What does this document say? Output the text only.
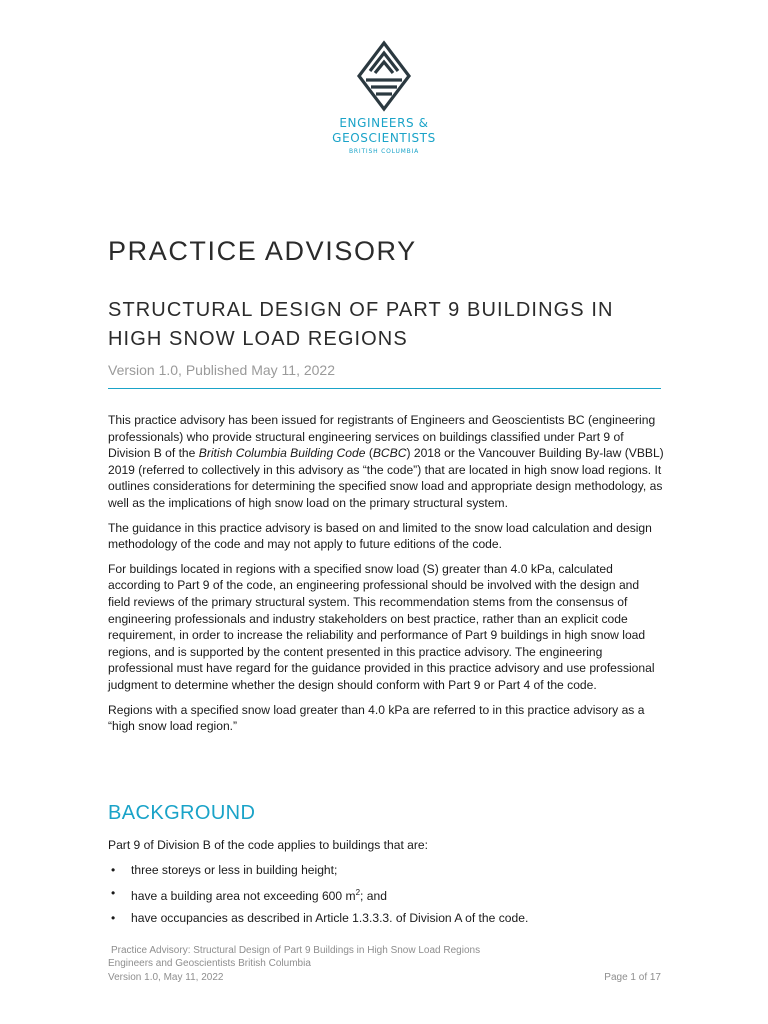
ENGINEERS &
GEOSCIENTISTS
BRITISH COLUMBIA
PRACTICE ADVISORY
STRUCTURAL DESIGN OF PART 9 BUILDINGS IN HIGH SNOW LOAD REGIONS
Version 1.0, Published May 11, 2022

This practice advisory has been issued for registrants of Engineers and Geoscientists BC (engineering professionals) who provide structural engineering services on buildings classified under Part 9 of Division B of the British Columbia Building Code (BCBC) 2018 or the Vancouver Building By-law (VBBL) 2019 (referred to collectively in this advisory as “the code”) that are located in high snow load regions. It outlines considerations for determining the specified snow load and appropriate design methodology, as well as the implications of high snow load on the primary structural system.

The guidance in this practice advisory is based on and limited to the snow load calculation and design methodology of the code and may not apply to future editions of the code.

For buildings located in regions with a specified snow load (S) greater than 4.0 kPa, calculated according to Part 9 of the code, an engineering professional should be involved with the design and field reviews of the primary structural system. This recommendation stems from the consensus of engineering professionals and industry stakeholders on best practice, rather than an explicit code requirement, in order to increase the reliability and performance of Part 9 buildings in high snow load regions, and is supported by the content presented in this practice advisory. The engineering professional must have regard for the guidance provided in this practice advisory and use professional judgment to determine whether the design should conform with Part 9 or Part 4 of the code.

Regions with a specified snow load greater than 4.0 kPa are referred to in this practice advisory as a “high snow load region.”

BACKGROUND

Part 9 of Division B of the code applies to buildings that are:

• three storeys or less in building height;
• have a building area not exceeding 600 $m^2$; and
• have occupancies as described in Article 1.3.3.3. of Division A of the code.
Practice Advisory: Structural Design of Part 9 Buildings in High Snow Load Regions
Engineers and Geoscientists British Columbia
Version 1.0, May 11, 2022	Page 1 of 17
